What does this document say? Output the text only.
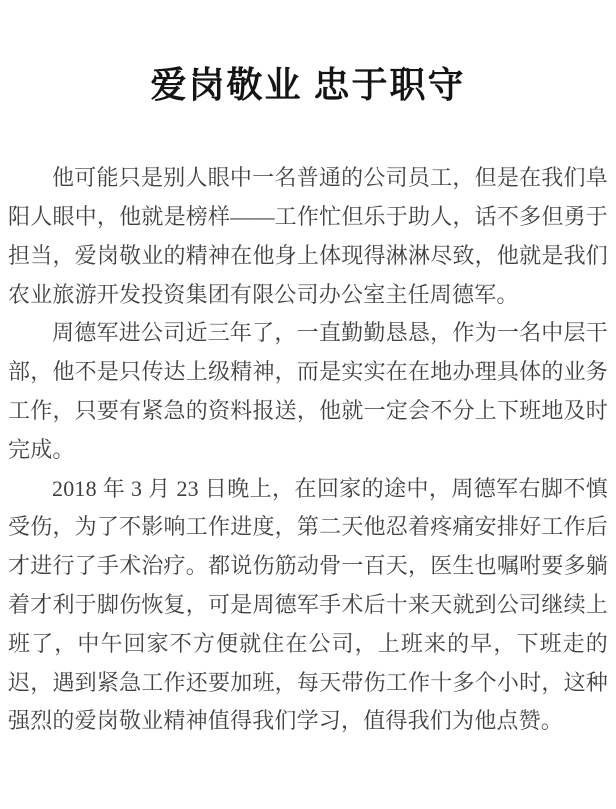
爱岗敬业 忠于职守

他可能只是别人眼中一名普通的公司员工，但是在我们阜阳人眼中，他就是榜样——工作忙但乐于助人，话不多但勇于担当，爱岗敬业的精神在他身上体现得淋淋尽致，他就是我们农业旅游开发投资集团有限公司办公室主任周德军。

周德军进公司近三年了，一直勤勤恳恳，作为一名中层干部，他不是只传达上级精神，而是实实在在地办理具体的业务工作，只要有紧急的资料报送，他就一定会不分上下班地及时完成。

2018 年 3 月 23 日晚上，在回家的途中，周德军右脚不慎受伤，为了不影响工作进度，第二天他忍着疼痛安排好工作后才进行了手术治疗。都说伤筋动骨一百天，医生也嘱咐要多躺着才利于脚伤恢复，可是周德军手术后十来天就到公司继续上班了，中午回家不方便就住在公司，上班来的早，下班走的迟，遇到紧急工作还要加班，每天带伤工作十多个小时，这种强烈的爱岗敬业精神值得我们学习，值得我们为他点赞。
